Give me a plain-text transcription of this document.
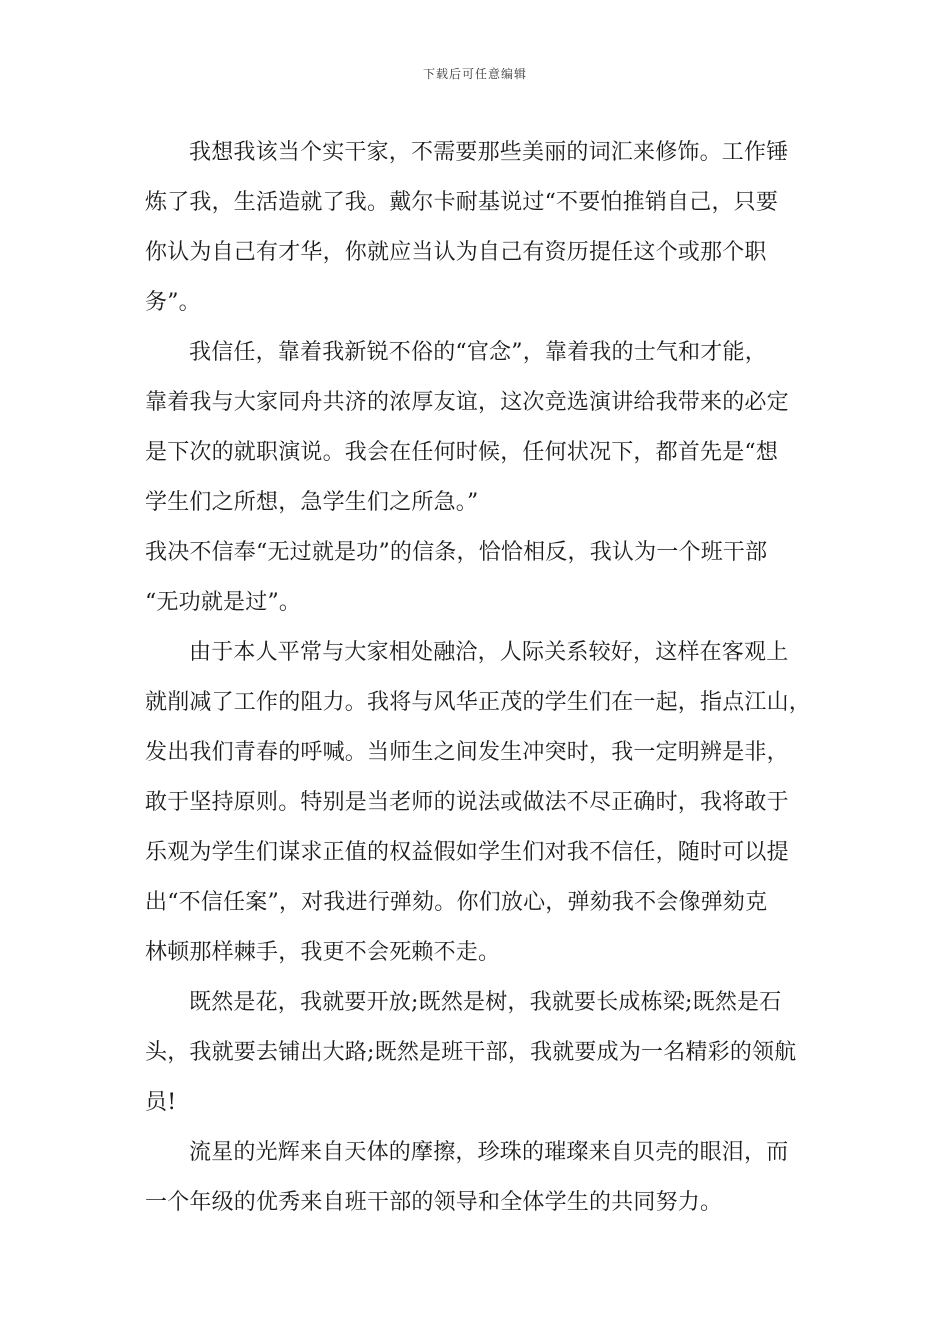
下载后可任意编辑
我想我该当个实干家，不需要那些美丽的词汇来修饰。工作锤
炼了我，生活造就了我。戴尔卡耐基说过“不要怕推销自己，只要
你认为自己有才华，你就应当认为自己有资历提任这个或那个职
务”。
我信任，靠着我新锐不俗的“官念”，靠着我的士气和才能，
靠着我与大家同舟共济的浓厚友谊，这次竞选演讲给我带来的必定
是下次的就职演说。我会在任何时候，任何状况下，都首先是“想
学生们之所想，急学生们之所急。”
我决不信奉“无过就是功”的信条，恰恰相反，我认为一个班干部
“无功就是过”。
由于本人平常与大家相处融洽，人际关系较好，这样在客观上
就削减了工作的阻力。我将与风华正茂的学生们在一起，指点江山，
发出我们青春的呼喊。当师生之间发生冲突时，我一定明辨是非，
敢于坚持原则。特别是当老师的说法或做法不尽正确时，我将敢于
乐观为学生们谋求正值的权益假如学生们对我不信任，随时可以提
出“不信任案”，对我进行弹劾。你们放心，弹劾我不会像弹劾克
林顿那样棘手，我更不会死赖不走。
既然是花，我就要开放;既然是树，我就要长成栋梁;既然是石
头，我就要去铺出大路;既然是班干部，我就要成为一名精彩的领航
员!
流星的光辉来自天体的摩擦，珍珠的璀璨来自贝壳的眼泪，而
一个年级的优秀来自班干部的领导和全体学生的共同努力。
